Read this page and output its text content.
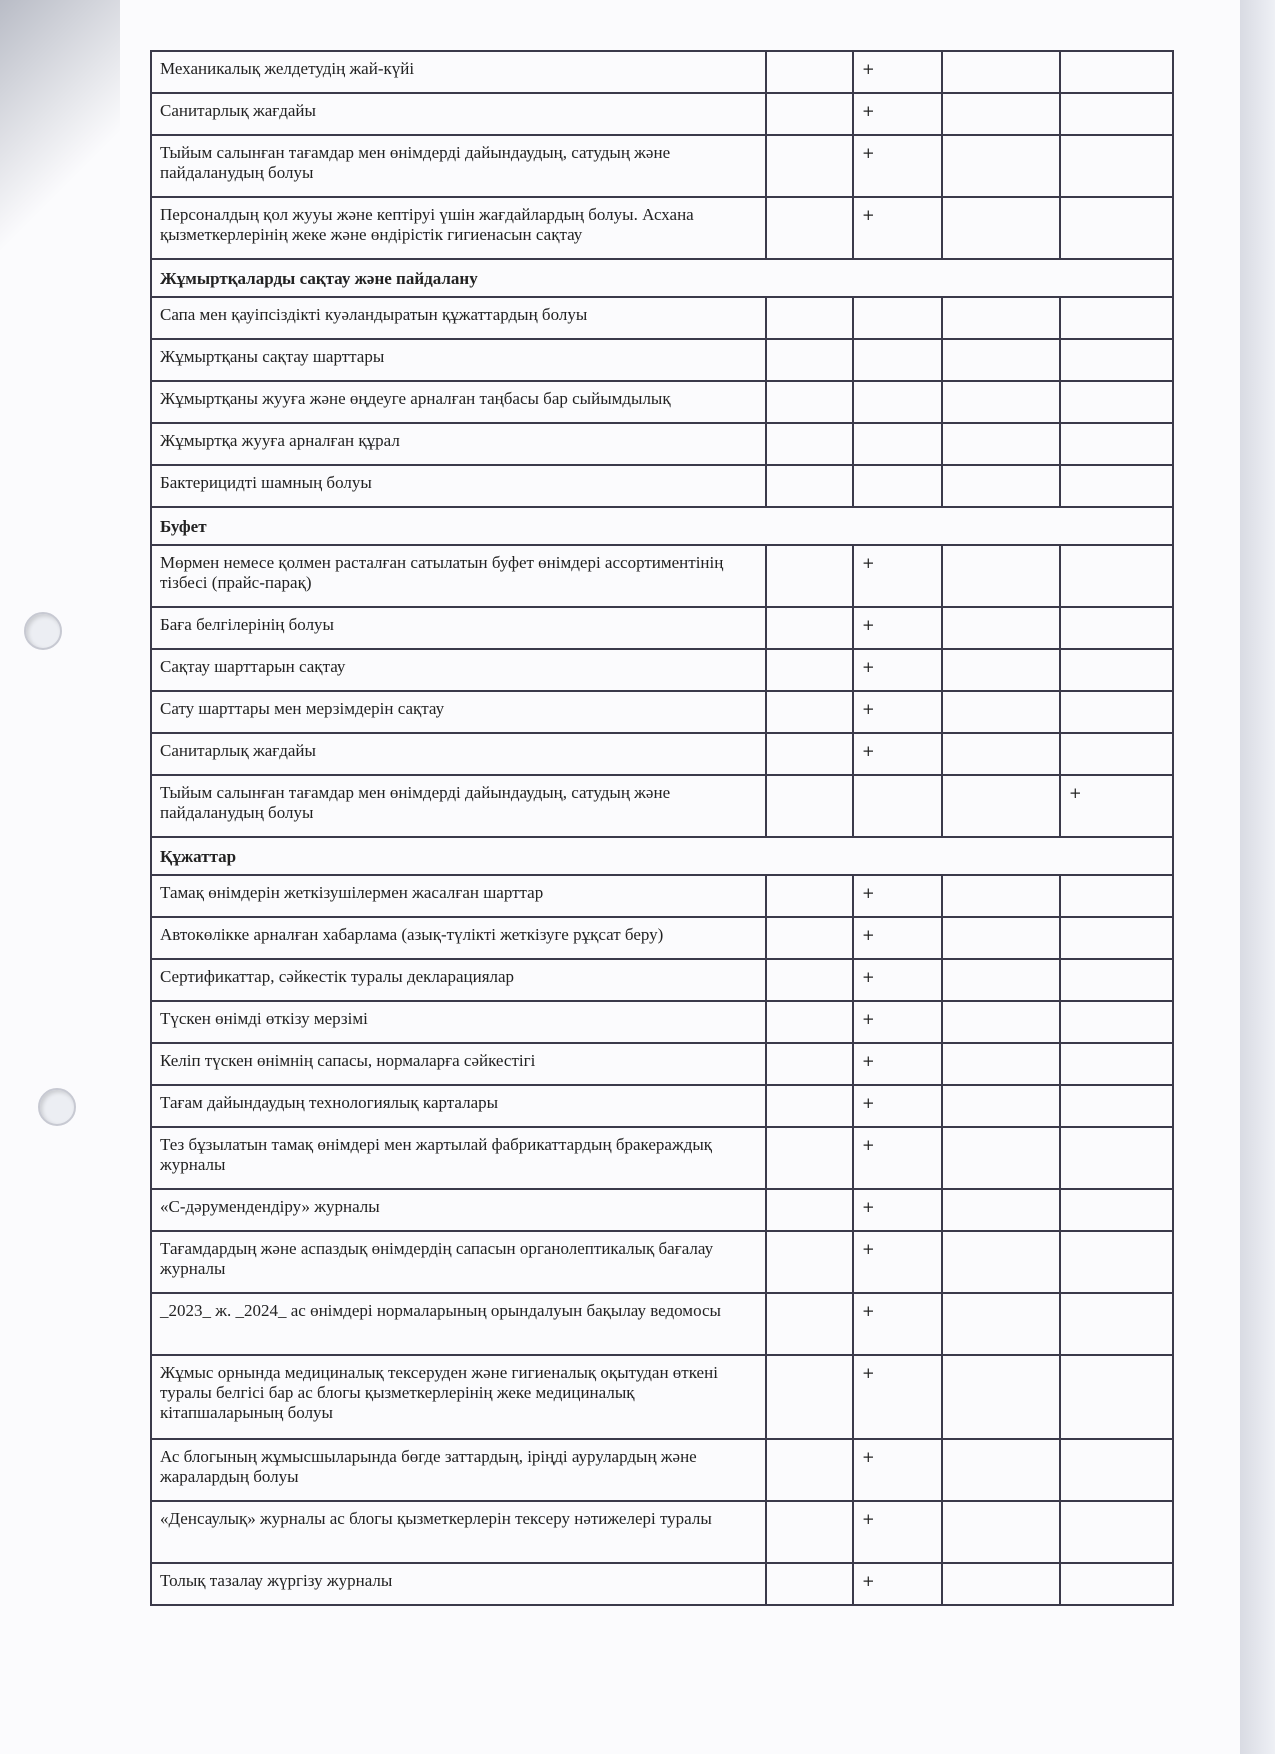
Механикалық желдетудің жай-күйі		+		
Санитарлық жағдайы		+		
Тыйым салынған тағамдар мен өнімдерді дайындаудың, сатудың және пайдаланудың болуы		+		
Персоналдың қол жууы және кептіруі үшін жағдайлардың болуы. Асхана қызметкерлерінің жеке және өндірістік гигиенасын сақтау		+		
Жұмыртқаларды сақтау және пайдалану				
Сапа мен қауіпсіздікті куәландыратын құжаттардың болуы				
Жұмыртқаны сақтау шарттары				
Жұмыртқаны жууға және өңдеуге арналған таңбасы бар сыйымдылық				
Жұмыртқа жууға арналған құрал				
Бактерицидті шамның болуы				
Буфет				
Мөрмен немесе қолмен расталған сатылатын буфет өнімдері ассортиментінің тізбесі (прайс-парақ)		+		
Баға белгілерінің болуы		+		
Сақтау шарттарын сақтау		+		
Сату шарттары мен мерзімдерін сақтау		+		
Санитарлық жағдайы		+		
Тыйым салынған тағамдар мен өнімдерді дайындаудың, сатудың және пайдаланудың болуы				+
Құжаттар				
Тамақ өнімдерін жеткізушілермен жасалған шарттар		+		
Автокөлікке арналған хабарлама (азық-түлікті жеткізуге рұқсат беру)		+		
Сертификаттар, сәйкестік туралы декларациялар		+		
Түскен өнімді өткізу мерзімі		+		
Келіп түскен өнімнің сапасы, нормаларға сәйкестігі		+		
Тағам дайындаудың технологиялық карталары		+		
Тез бұзылатын тамақ өнімдері мен жартылай фабрикаттардың бракераждық журналы		+		
«С-дәрумендендіру» журналы		+		
Тағамдардың және аспаздық өнімдердің сапасын органолептикалық бағалау журналы		+		
_2023_ ж. _2024_ ас өнімдері нормаларының орындалуын бақылау ведомосы		+		
Жұмыс орнында медициналық тексеруден және гигиеналық оқытудан өткені туралы белгісі бар ас блогы қызметкерлерінің жеке медициналық кітапшаларының болуы		+		
Ас блогының жұмысшыларында бөгде заттардың, іріңді аурулардың және жаралардың болуы		+		
«Денсаулық» журналы ас блогы қызметкерлерін тексеру нәтижелері туралы		+		
Толық тазалау жүргізу журналы		+		
